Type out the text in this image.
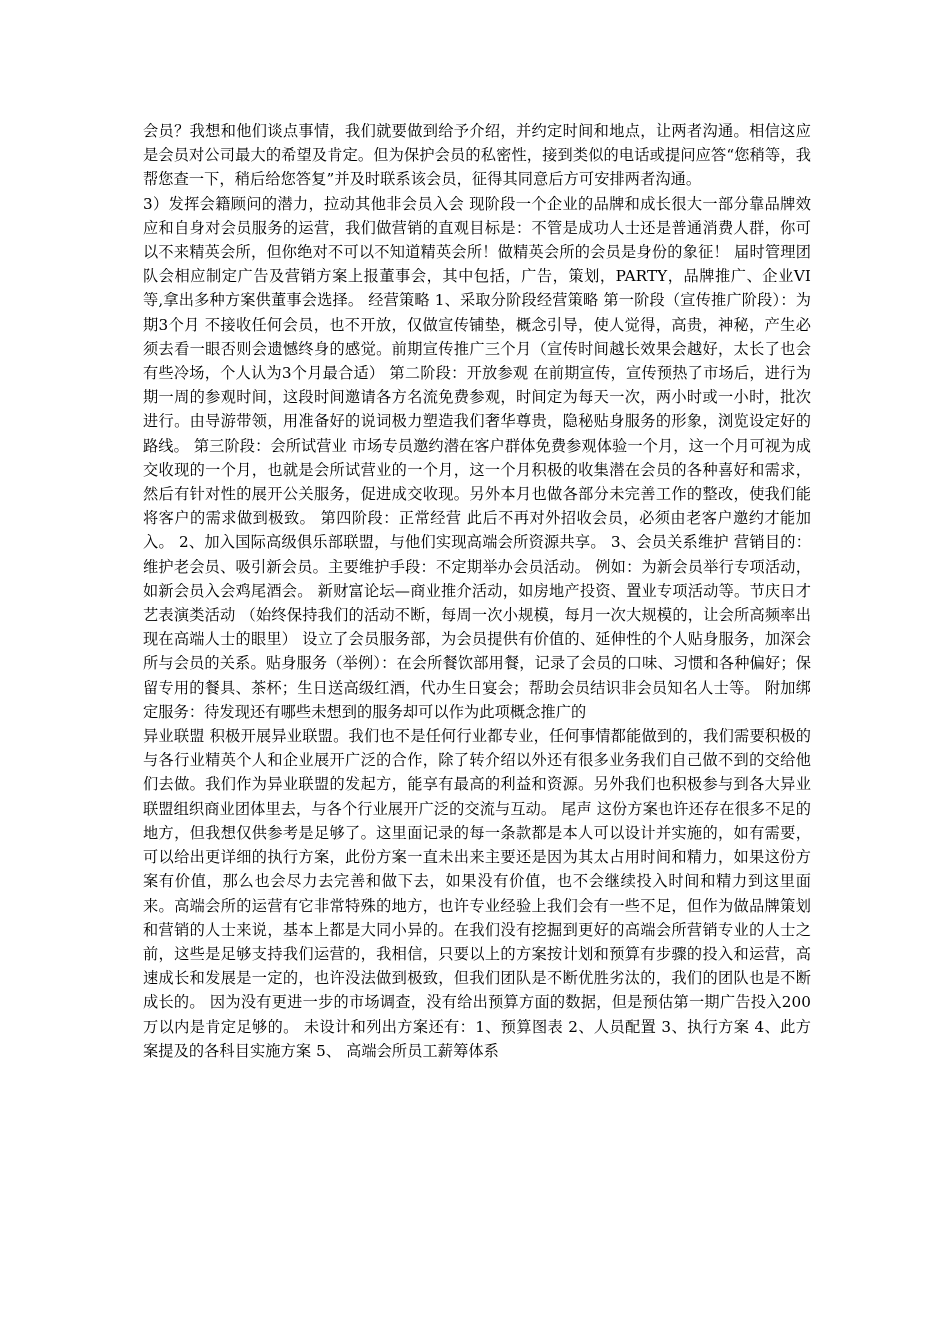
会员？我想和他们谈点事情，我们就要做到给予介绍，并约定时间和地点，让两者沟通。相信这应是会员对公司最大的希望及肯定。但为保护会员的私密性，接到类似的电话或提问应答“您稍等，我帮您查一下，稍后给您答复”并及时联系该会员，征得其同意后方可安排两者沟通。

3）发挥会籍顾问的潜力，拉动其他非会员入会 现阶段一个企业的品牌和成长很大一部分靠品牌效应和自身对会员服务的运营，我们做营销的直观目标是：不管是成功人士还是普通消费人群，你可以不来精英会所，但你绝对不可以不知道精英会所！做精英会所的会员是身份的象征！ 届时管理团队会相应制定广告及营销方案上报董事会，其中包括，广告，策划，PARTY，品牌推广、企业VI等,拿出多种方案供董事会选择。 经营策略 1、采取分阶段经营策略 第一阶段（宣传推广阶段）：为期3个月 不接收任何会员，也不开放，仅做宣传铺垫，概念引导，使人觉得，高贵，神秘，产生必须去看一眼否则会遗憾终身的感觉。前期宣传推广三个月（宣传时间越长效果会越好，太长了也会有些冷场，个人认为3个月最合适） 第二阶段：开放参观 在前期宣传，宣传预热了市场后，进行为期一周的参观时间，这段时间邀请各方名流免费参观，时间定为每天一次，两小时或一小时，批次进行。由导游带领，用准备好的说词极力塑造我们奢华尊贵，隐秘贴身服务的形象，浏览设定好的路线。 第三阶段：会所试营业 市场专员邀约潜在客户群体免费参观体验一个月，这一个月可视为成交收现的一个月，也就是会所试营业的一个月，这一个月积极的收集潜在会员的各种喜好和需求，然后有针对性的展开公关服务，促进成交收现。另外本月也做各部分未完善工作的整改，使我们能将客户的需求做到极致。 第四阶段：正常经营 此后不再对外招收会员，必须由老客户邀约才能加入。 2、加入国际高级俱乐部联盟，与他们实现高端会所资源共享。 3、会员关系维护 营销目的：维护老会员、吸引新会员。主要维护手段：不定期举办会员活动。 例如：为新会员举行专项活动，如新会员入会鸡尾酒会。 新财富论坛—商业推介活动，如房地产投资、置业专项活动等。节庆日才艺表演类活动 （始终保持我们的活动不断，每周一次小规模，每月一次大规模的，让会所高频率出现在高端人士的眼里） 设立了会员服务部，为会员提供有价值的、延伸性的个人贴身服务，加深会所与会员的关系。贴身服务（举例）：在会所餐饮部用餐，记录了会员的口味、习惯和各种偏好；保留专用的餐具、茶杯；生日送高级红酒，代办生日宴会；帮助会员结识非会员知名人士等。 附加绑定服务：待发现还有哪些未想到的服务却可以作为此项概念推广的

异业联盟 积极开展异业联盟。我们也不是任何行业都专业，任何事情都能做到的，我们需要积极的与各行业精英个人和企业展开广泛的合作，除了转介绍以外还有很多业务我们自己做不到的交给他们去做。我们作为异业联盟的发起方，能享有最高的利益和资源。另外我们也积极参与到各大异业联盟组织商业团体里去，与各个行业展开广泛的交流与互动。 尾声 这份方案也许还存在很多不足的地方，但我想仅供参考是足够了。这里面记录的每一条款都是本人可以设计并实施的，如有需要，可以给出更详细的执行方案，此份方案一直未出来主要还是因为其太占用时间和精力，如果这份方案有价值，那么也会尽力去完善和做下去，如果没有价值，也不会继续投入时间和精力到这里面来。高端会所的运营有它非常特殊的地方，也许专业经验上我们会有一些不足，但作为做品牌策划和营销的人士来说，基本上都是大同小异的。在我们没有挖掘到更好的高端会所营销专业的人士之前，这些是足够支持我们运营的，我相信，只要以上的方案按计划和预算有步骤的投入和运营，高速成长和发展是一定的，也许没法做到极致，但我们团队是不断优胜劣汰的，我们的团队也是不断成长的。 因为没有更进一步的市场调查，没有给出预算方面的数据，但是预估第一期广告投入200万以内是肯定足够的。 未设计和列出方案还有：1、预算图表 2、人员配置 3、执行方案 4、此方案提及的各科目实施方案 5、 高端会所员工薪筹体系
